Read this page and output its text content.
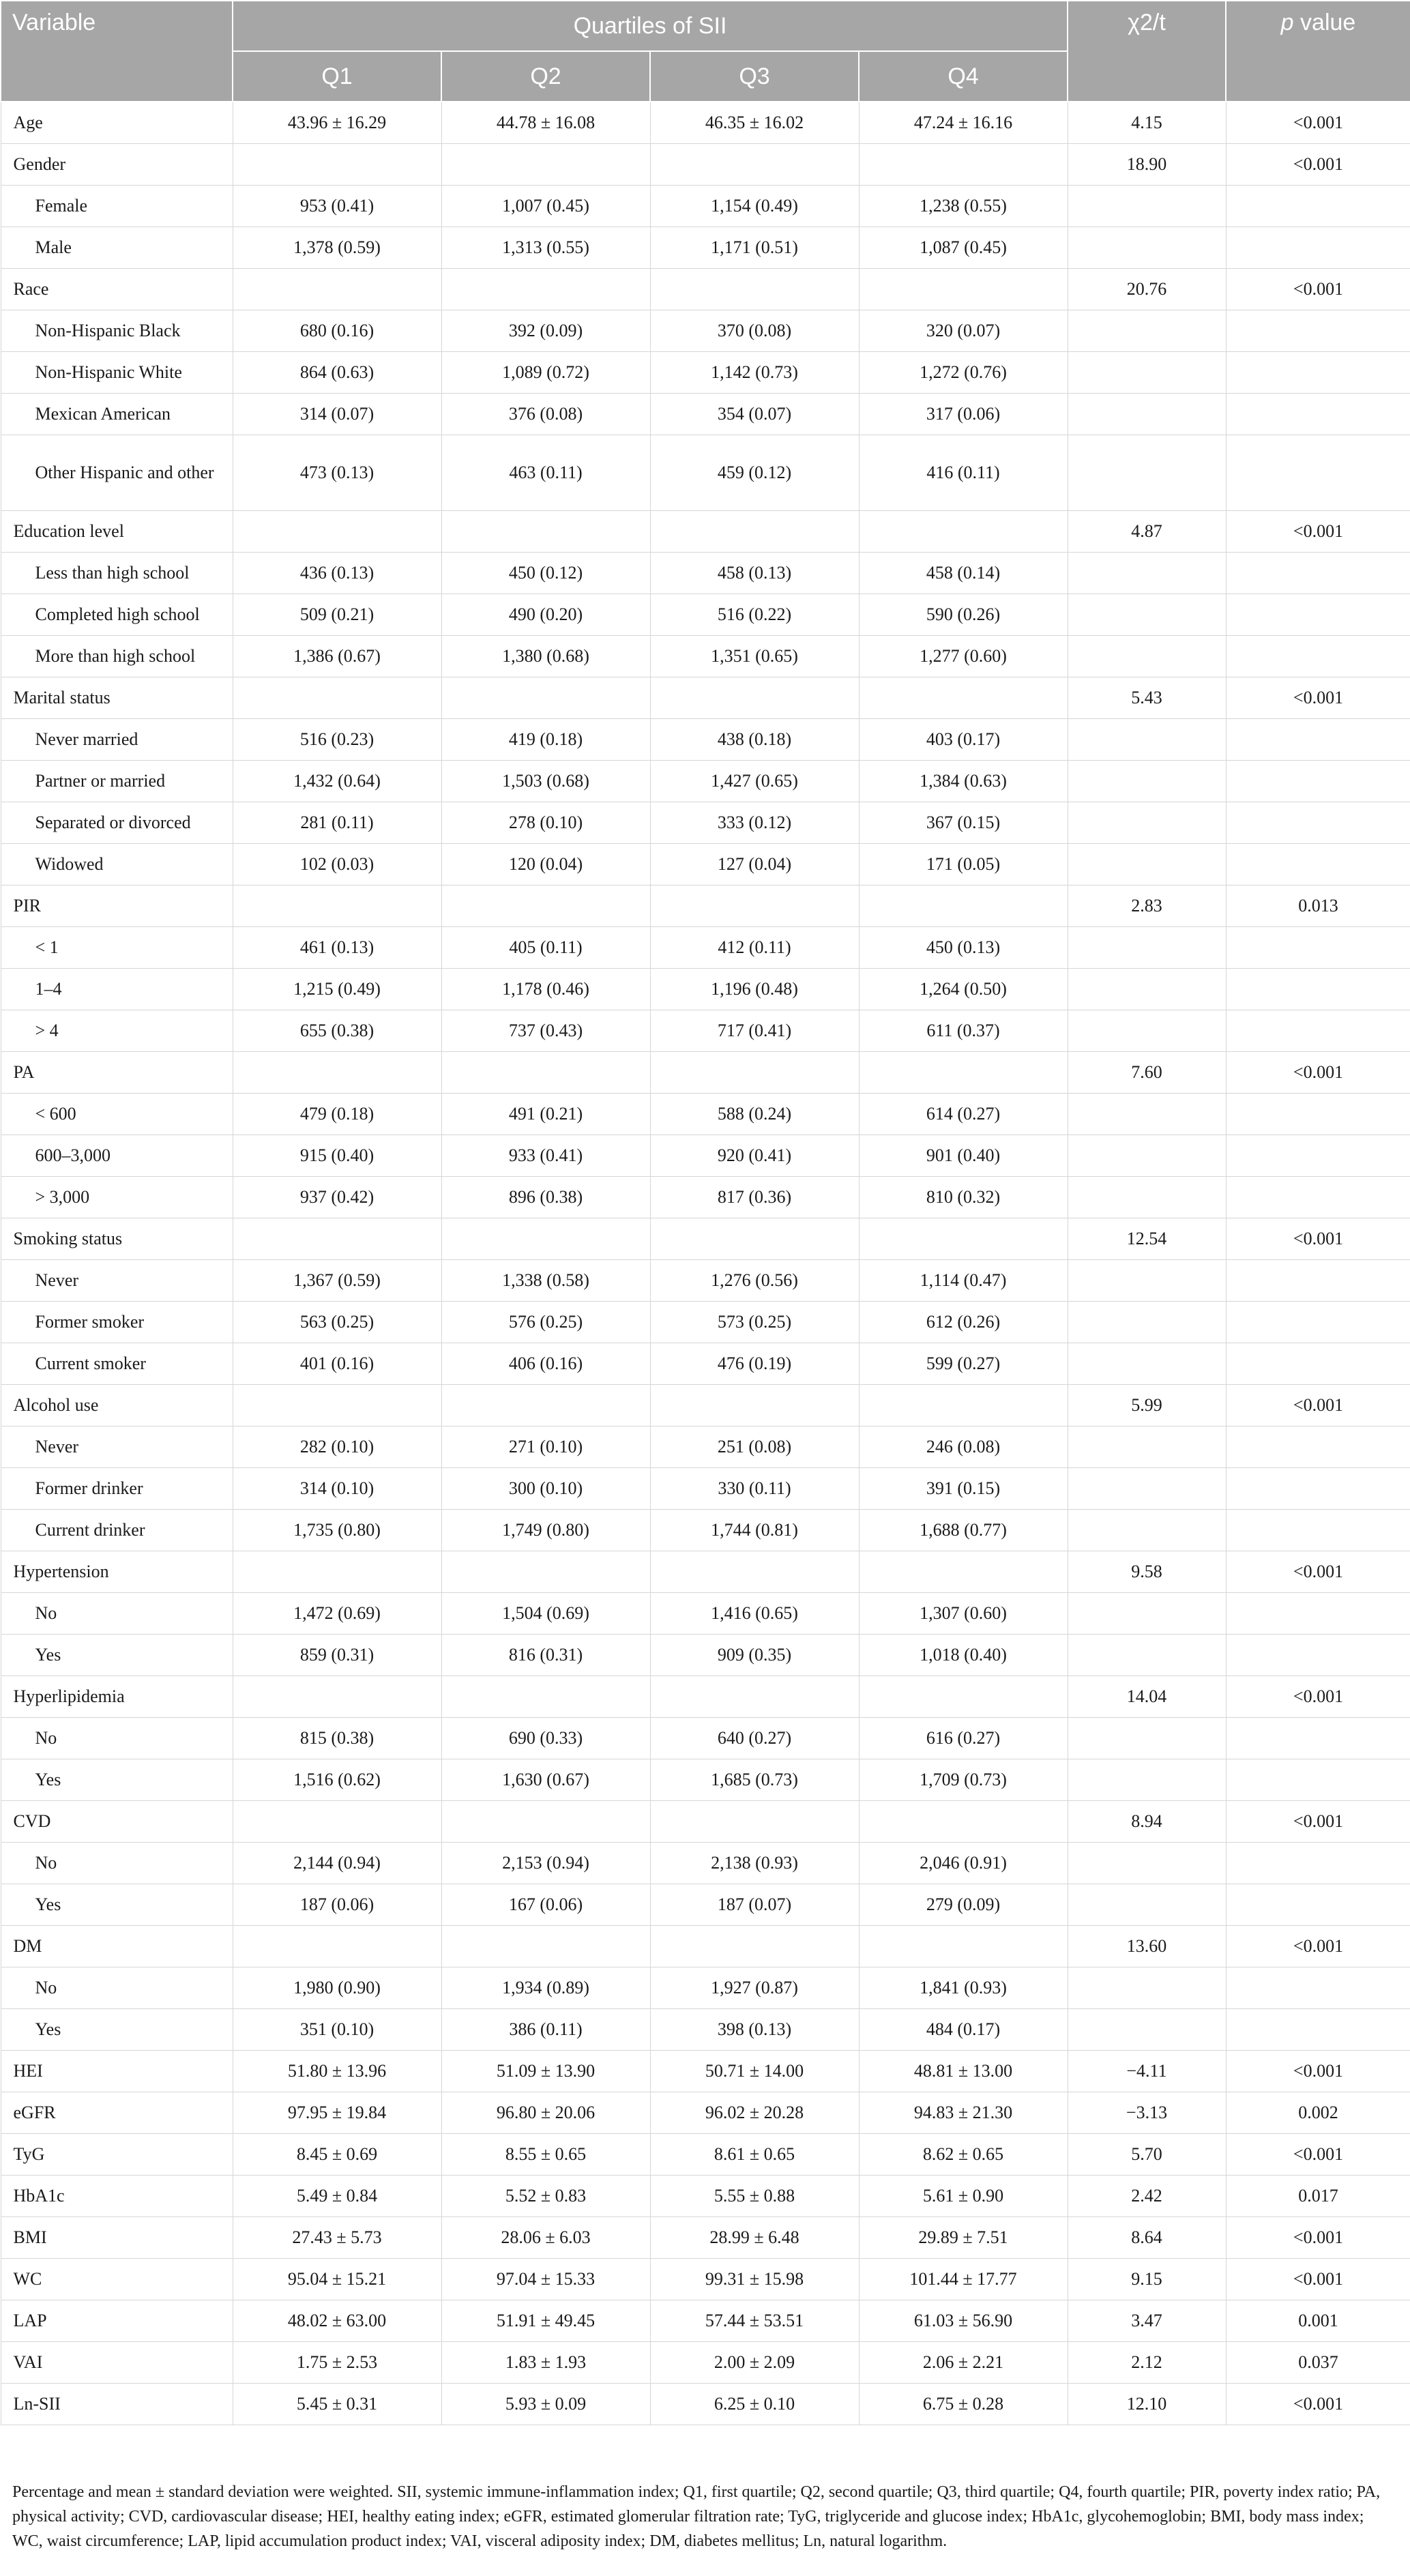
Variable	Quartiles of SII				χ2/t	p value
	Q1	Q2	Q3	Q4		
Age	43.96 ± 16.29	44.78 ± 16.08	46.35 ± 16.02	47.24 ± 16.16	4.15	<0.001
Gender					18.90	<0.001
Female	953 (0.41)	1,007 (0.45)	1,154 (0.49)	1,238 (0.55)		
Male	1,378 (0.59)	1,313 (0.55)	1,171 (0.51)	1,087 (0.45)		
Race					20.76	<0.001
Non-Hispanic Black	680 (0.16)	392 (0.09)	370 (0.08)	320 (0.07)		
Non-Hispanic White	864 (0.63)	1,089 (0.72)	1,142 (0.73)	1,272 (0.76)		
Mexican American	314 (0.07)	376 (0.08)	354 (0.07)	317 (0.06)		
Other Hispanic and other	473 (0.13)	463 (0.11)	459 (0.12)	416 (0.11)		
Education level					4.87	<0.001
Less than high school	436 (0.13)	450 (0.12)	458 (0.13)	458 (0.14)		
Completed high school	509 (0.21)	490 (0.20)	516 (0.22)	590 (0.26)		
More than high school	1,386 (0.67)	1,380 (0.68)	1,351 (0.65)	1,277 (0.60)		
Marital status					5.43	<0.001
Never married	516 (0.23)	419 (0.18)	438 (0.18)	403 (0.17)		
Partner or married	1,432 (0.64)	1,503 (0.68)	1,427 (0.65)	1,384 (0.63)		
Separated or divorced	281 (0.11)	278 (0.10)	333 (0.12)	367 (0.15)		
Widowed	102 (0.03)	120 (0.04)	127 (0.04)	171 (0.05)		
PIR					2.83	0.013
< 1	461 (0.13)	405 (0.11)	412 (0.11)	450 (0.13)		
1–4	1,215 (0.49)	1,178 (0.46)	1,196 (0.48)	1,264 (0.50)		
> 4	655 (0.38)	737 (0.43)	717 (0.41)	611 (0.37)		
PA					7.60	<0.001
< 600	479 (0.18)	491 (0.21)	588 (0.24)	614 (0.27)		
600–3,000	915 (0.40)	933 (0.41)	920 (0.41)	901 (0.40)		
> 3,000	937 (0.42)	896 (0.38)	817 (0.36)	810 (0.32)		
Smoking status					12.54	<0.001
Never	1,367 (0.59)	1,338 (0.58)	1,276 (0.56)	1,114 (0.47)		
Former smoker	563 (0.25)	576 (0.25)	573 (0.25)	612 (0.26)		
Current smoker	401 (0.16)	406 (0.16)	476 (0.19)	599 (0.27)		
Alcohol use					5.99	<0.001
Never	282 (0.10)	271 (0.10)	251 (0.08)	246 (0.08)		
Former drinker	314 (0.10)	300 (0.10)	330 (0.11)	391 (0.15)		
Current drinker	1,735 (0.80)	1,749 (0.80)	1,744 (0.81)	1,688 (0.77)		
Hypertension					9.58	<0.001
No	1,472 (0.69)	1,504 (0.69)	1,416 (0.65)	1,307 (0.60)		
Yes	859 (0.31)	816 (0.31)	909 (0.35)	1,018 (0.40)		
Hyperlipidemia					14.04	<0.001
No	815 (0.38)	690 (0.33)	640 (0.27)	616 (0.27)		
Yes	1,516 (0.62)	1,630 (0.67)	1,685 (0.73)	1,709 (0.73)		
CVD					8.94	<0.001
No	2,144 (0.94)	2,153 (0.94)	2,138 (0.93)	2,046 (0.91)		
Yes	187 (0.06)	167 (0.06)	187 (0.07)	279 (0.09)		
DM					13.60	<0.001
No	1,980 (0.90)	1,934 (0.89)	1,927 (0.87)	1,841 (0.93)		
Yes	351 (0.10)	386 (0.11)	398 (0.13)	484 (0.17)		
HEI	51.80 ± 13.96	51.09 ± 13.90	50.71 ± 14.00	48.81 ± 13.00	−4.11	<0.001
eGFR	97.95 ± 19.84	96.80 ± 20.06	96.02 ± 20.28	94.83 ± 21.30	−3.13	0.002
TyG	8.45 ± 0.69	8.55 ± 0.65	8.61 ± 0.65	8.62 ± 0.65	5.70	<0.001
HbA1c	5.49 ± 0.84	5.52 ± 0.83	5.55 ± 0.88	5.61 ± 0.90	2.42	0.017
BMI	27.43 ± 5.73	28.06 ± 6.03	28.99 ± 6.48	29.89 ± 7.51	8.64	<0.001
WC	95.04 ± 15.21	97.04 ± 15.33	99.31 ± 15.98	101.44 ± 17.77	9.15	<0.001
LAP	48.02 ± 63.00	51.91 ± 49.45	57.44 ± 53.51	61.03 ± 56.90	3.47	0.001
VAI	1.75 ± 2.53	1.83 ± 1.93	2.00 ± 2.09	2.06 ± 2.21	2.12	0.037
Ln-SII	5.45 ± 0.31	5.93 ± 0.09	6.25 ± 0.10	6.75 ± 0.28	12.10	<0.001
Percentage and mean ± standard deviation were weighted. SII, systemic immune-inflammation index; Q1, first quartile; Q2, second quartile; Q3, third quartile; Q4, fourth quartile; PIR, poverty index ratio; PA, physical activity; CVD, cardiovascular disease; HEI, healthy eating index; eGFR, estimated glomerular filtration rate; TyG, triglyceride and glucose index; HbA1c, glycohemoglobin; BMI, body mass index; WC, waist circumference; LAP, lipid accumulation product index; VAI, visceral adiposity index; DM, diabetes mellitus; Ln, natural logarithm.
